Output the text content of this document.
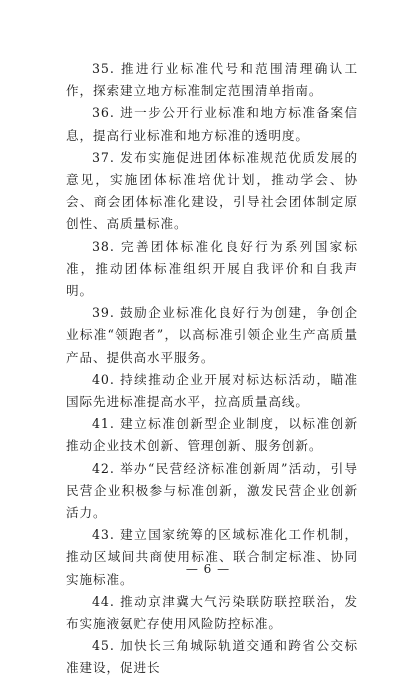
35. 推进行业标准代号和范围清理确认工作，探索建立地方标准制定范围清单指南。

36. 进一步公开行业标准和地方标准备案信息，提高行业标准和地方标准的透明度。

37. 发布实施促进团体标准规范优质发展的意见，实施团体标准培优计划，推动学会、协会、商会团体标准化建设，引导社会团体制定原创性、高质量标准。

38. 完善团体标准化良好行为系列国家标准，推动团体标准组织开展自我评价和自我声明。

39. 鼓励企业标准化良好行为创建，争创企业标准“领跑者”，以高标准引领企业生产高质量产品、提供高水平服务。

40. 持续推动企业开展对标达标活动，瞄准国际先进标准提高水平，拉高质量高线。

41. 建立标准创新型企业制度，以标准创新推动企业技术创新、管理创新、服务创新。

42. 举办“民营经济标准创新周”活动，引导民营企业积极参与标准创新，激发民营企业创新活力。

43. 建立国家统筹的区域标准化工作机制，推动区域间共商使用标准、联合制定标准、协同实施标准。

44. 推动京津冀大气污染联防联控联治，发布实施液氨贮存使用风险防控标准。

45. 加快长三角城际轨道交通和跨省公交标准建设，促进长

— 6 —
